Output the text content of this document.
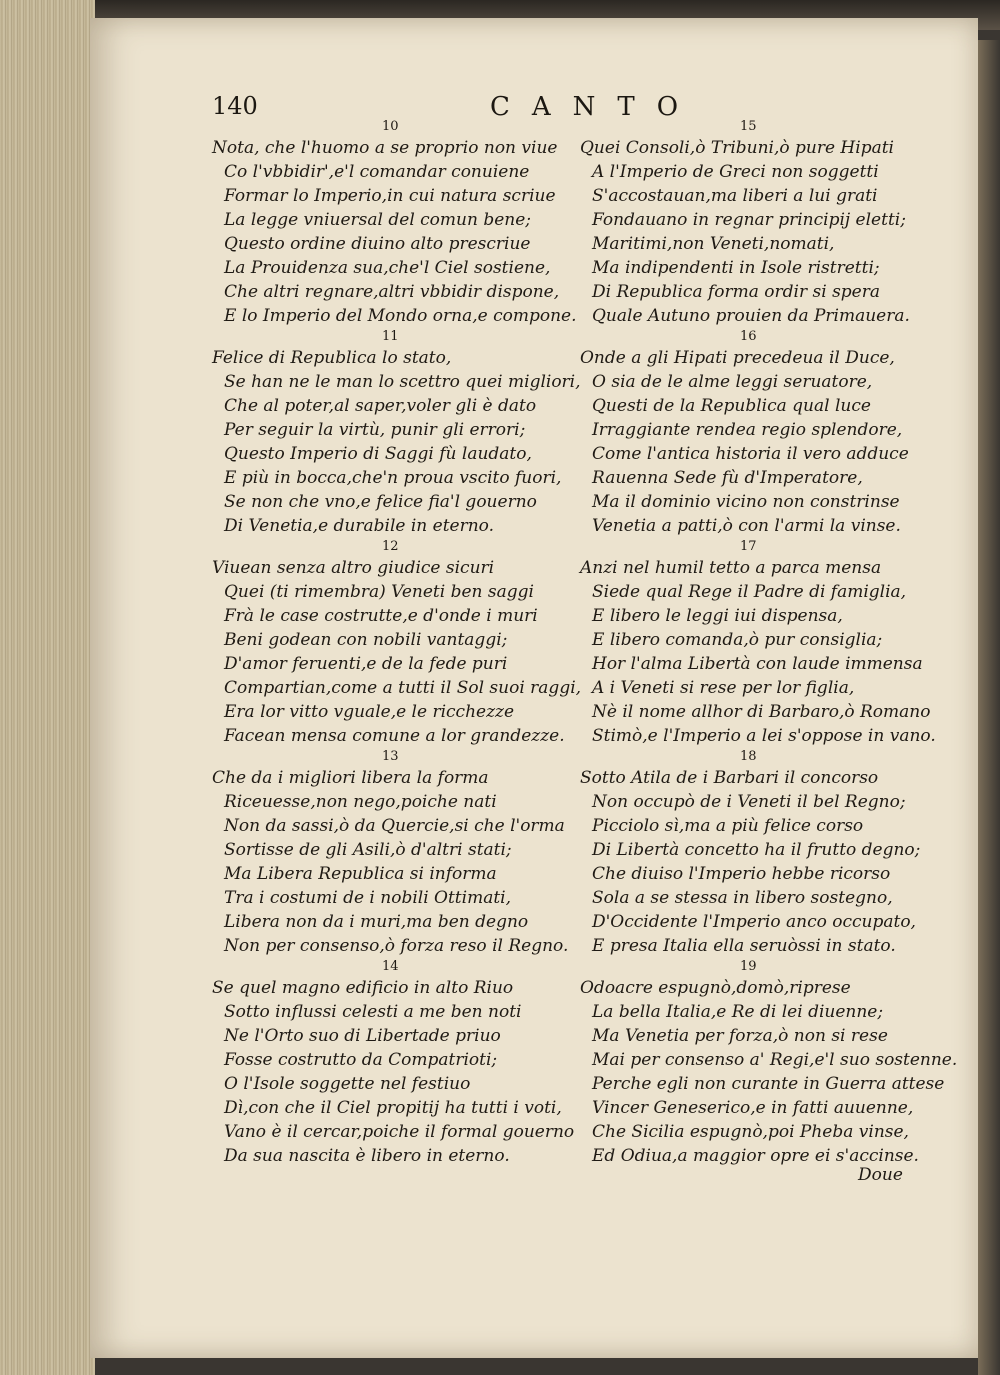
140	CANTO
10
Nota, che l'huomo a se proprio non viue
Co l'vbbidir',e'l comandar conuiene
Formar lo Imperio,in cui natura scriue
La legge vniuersal del comun bene;
Questo ordine diuino alto prescriue
La Prouidenza sua,che'l Ciel sostiene,
Che altri regnare,altri vbbidir dispone,
E lo Imperio del Mondo orna,e compone.
11
Felice di Republica lo stato,
Se han ne le man lo scettro quei migliori,
Che al poter,al saper,voler gli è dato
Per seguir la virtù, punir gli errori;
Questo Imperio di Saggi fù laudato,
E più in bocca,che'n proua vscito fuori,
Se non che vno,e felice fia'l gouerno
Di Venetia,e durabile in eterno.
12
Viuean senza altro giudice sicuri
Quei (ti rimembra) Veneti ben saggi
Frà le case costrutte,e d'onde i muri
Beni godean con nobili vantaggi;
D'amor feruenti,e de la fede puri
Compartian,come a tutti il Sol suoi raggi,
Era lor vitto vguale,e le ricchezze
Facean mensa comune a lor grandezze.
13
Che da i migliori libera la forma
Riceuesse,non nego,poiche nati
Non da sassi,ò da Quercie,si che l'orma
Sortisse de gli Asili,ò d'altri stati;
Ma Libera Republica si informa
Tra i costumi de i nobili Ottimati,
Libera non da i muri,ma ben degno
Non per consenso,ò forza reso il Regno.
14
Se quel magno edificio in alto Riuo
Sotto influssi celesti a me ben noti
Ne l'Orto suo di Libertade priuo
Fosse costrutto da Compatrioti;
O l'Isole soggette nel festiuo
Dì,con che il Ciel propitij ha tutti i voti,
Vano è il cercar,poiche il formal gouerno
Da sua nascita è libero in eterno.
15
Quei Consoli,ò Tribuni,ò pure Hipati
A l'Imperio de Greci non soggetti
S'accostauan,ma liberi a lui grati
Fondauano in regnar principij eletti;
Maritimi,non Veneti,nomati,
Ma indipendenti in Isole ristretti;
Di Republica forma ordir si spera
Quale Autuno prouien da Primauera.
16
Onde a gli Hipati precedeua il Duce,
O sia de le alme leggi seruatore,
Questi de la Republica qual luce
Irraggiante rendea regio splendore,
Come l'antica historia il vero adduce
Rauenna Sede fù d'Imperatore,
Ma il dominio vicino non constrinse
Venetia a patti,ò con l'armi la vinse.
17
Anzi nel humil tetto a parca mensa
Siede qual Rege il Padre di famiglia,
E libero le leggi iui dispensa,
E libero comanda,ò pur consiglia;
Hor l'alma Libertà con laude immensa
A i Veneti si rese per lor figlia,
Nè il nome allhor di Barbaro,ò Romano
Stimò,e l'Imperio a lei s'oppose in vano.
18
Sotto Atila de i Barbari il concorso
Non occupò de i Veneti il bel Regno;
Picciolo sì,ma a più felice corso
Di Libertà concetto ha il frutto degno;
Che diuiso l'Imperio hebbe ricorso
Sola a se stessa in libero sostegno,
D'Occidente l'Imperio anco occupato,
E presa Italia ella seruòssi in stato.
19
Odoacre espugnò,domò,riprese
La bella Italia,e Re di lei diuenne;
Ma Venetia per forza,ò non si rese
Mai per consenso a' Regi,e'l suo sostenne.
Perche egli non curante in Guerra attese
Vincer Geneserico,e in fatti auuenne,
Che Sicilia espugnò,poi Pheba vinse,
Ed Odiua,a maggior opre ei s'accinse.
Doue
